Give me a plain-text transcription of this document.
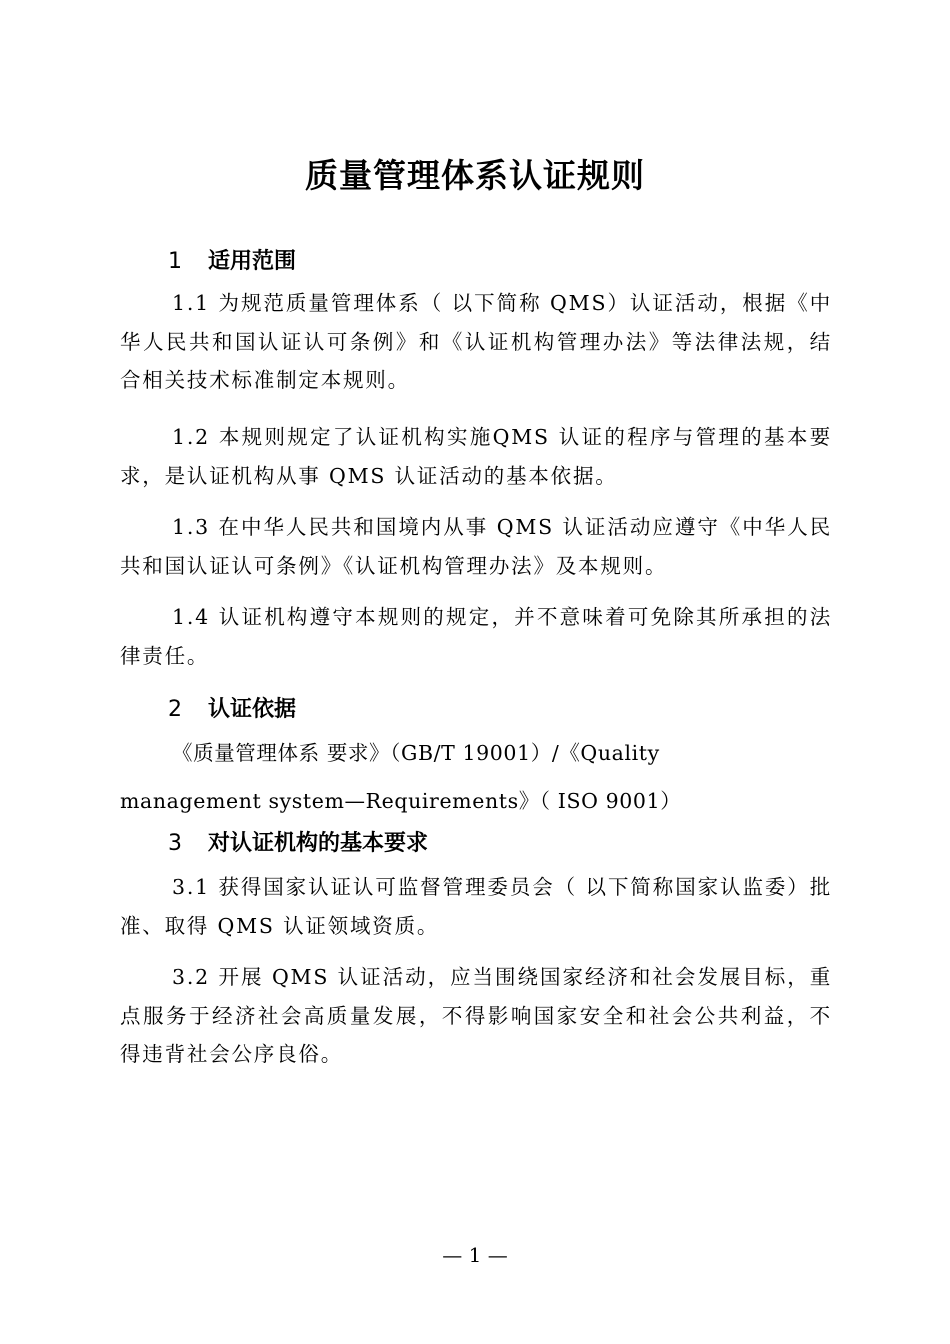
质量管理体系认证规则
1 适用范围
1.1 为规范质量管理体系（ 以下简称 QMS）认证活动，根据《中华人民共和国认证认可条例》和《认证机构管理办法》等法律法规，结合相关技术标准制定本规则。
1.2 本规则规定了认证机构实施QMS 认证的程序与管理的基本要求，是认证机构从事 QMS 认证活动的基本依据。
1.3 在中华人民共和国境内从事 QMS 认证活动应遵守《中华人民共和国认证认可条例》《认证机构管理办法》及本规则。
1.4 认证机构遵守本规则的规定，并不意味着可免除其所承担的法律责任。
2 认证依据
《质量管理体系 要求》（GB/T 19001）/《Quality
management system—Requirements》（ ISO 9001）
3 对认证机构的基本要求
3.1 获得国家认证认可监督管理委员会（ 以下简称国家认监委）批准、取得 QMS 认证领域资质。
3.2 开展 QMS 认证活动，应当围绕国家经济和社会发展目标，重点服务于经济社会高质量发展，不得影响国家安全和社会公共利益，不得违背社会公序良俗。
— 1 —
